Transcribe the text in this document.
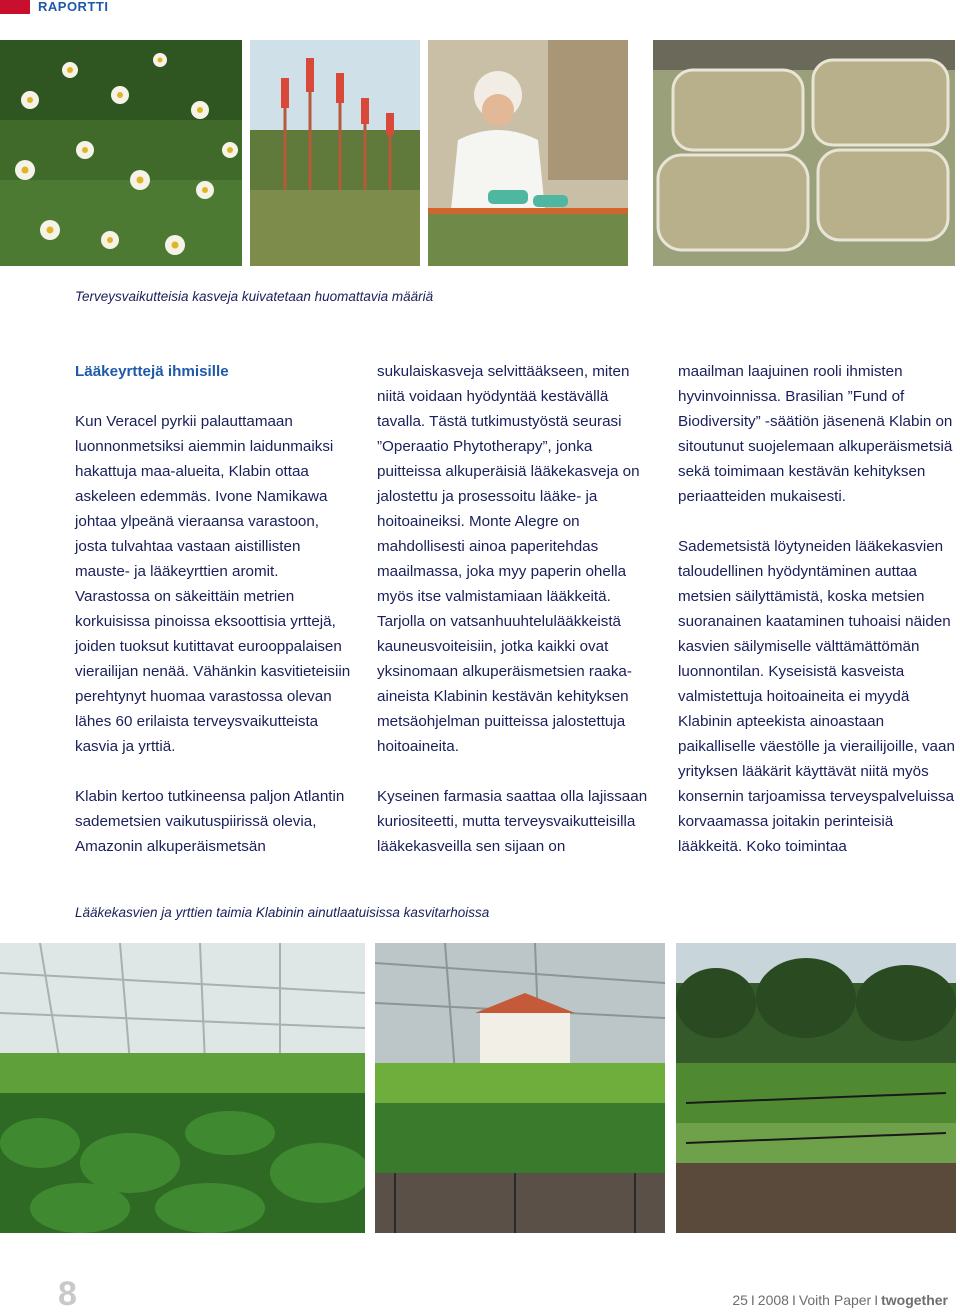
RAPORTTI
Terveysvaikutteisia kasveja kuivatetaan huomattavia määriä
Lääkeyrttejä ihmisille

Kun Veracel pyrkii palauttamaan luonnonmetsiksi aiemmin laidunmaiksi hakattuja maa-alueita, Klabin ottaa askeleen edemmäs. Ivone Namikawa johtaa ylpeänä vieraansa varastoon, josta tulvahtaa vastaan aistillisten mauste- ja lääkeyrttien aromit. Varastossa on säkeittäin metrien korkuisissa pinoissa eksoottisia yrttejä, joiden tuoksut kutittavat eurooppalaisen vierailijan nenää. Vähänkin kasvitieteisiin perehtynyt huomaa varastossa olevan lähes 60 erilaista terveysvaikutteista kasvia ja yrttiä.

Klabin kertoo tutkineensa paljon Atlantin sademetsien vaikutuspiirissä olevia, Amazonin alkuperäismetsän

sukulaiskasveja selvittääkseen, miten niitä voidaan hyödyntää kestävällä tavalla. Tästä tutkimustyöstä seurasi ”Operaatio Phytotherapy”, jonka puitteissa alkuperäisiä lääkekasveja on jalostettu ja prosessoitu lääke- ja hoitoaineiksi. Monte Alegre on mahdollisesti ainoa paperitehdas maailmassa, joka myy paperin ohella myös itse valmistamiaan lääkkeitä. Tarjolla on vatsanhuuhtelulääkkeistä kauneusvoiteisiin, jotka kaikki ovat yksinomaan alkuperäismetsien raaka-aineista Klabinin kestävän kehityksen metsäohjelman puitteissa jalostettuja hoitoaineita.

Kyseinen farmasia saattaa olla lajissaan kuriositeetti, mutta terveysvaikutteisilla lääkekasveilla sen sijaan on

maailman laajuinen rooli ihmisten hyvinvoinnissa. Brasilian ”Fund of Biodiversity” -säätiön jäsenenä Klabin on sitoutunut suojelemaan alkuperäismetsiä sekä toimimaan kestävän kehityksen periaatteiden mukaisesti.

Sademetsistä löytyneiden lääkekasvien taloudellinen hyödyntäminen auttaa metsien säilyttämistä, koska metsien suoranainen kaataminen tuhoaisi näiden kasvien säilymiselle välttämättömän luonnontilan. Kyseisistä kasveista valmistettuja hoitoaineita ei myydä Klabinin apteekista ainoastaan paikalliselle väestölle ja vierailijoille, vaan yrityksen lääkärit käyttävät niitä myös konsernin tarjoamissa terveyspalveluissa korvaamassa joitakin perinteisiä lääkkeitä. Koko toimintaa

Lääkekasvien ja yrttien taimia Klabinin ainutlaatuisissa kasvitarhoissa
8	25 I 2008 I Voith Paper I twogether
